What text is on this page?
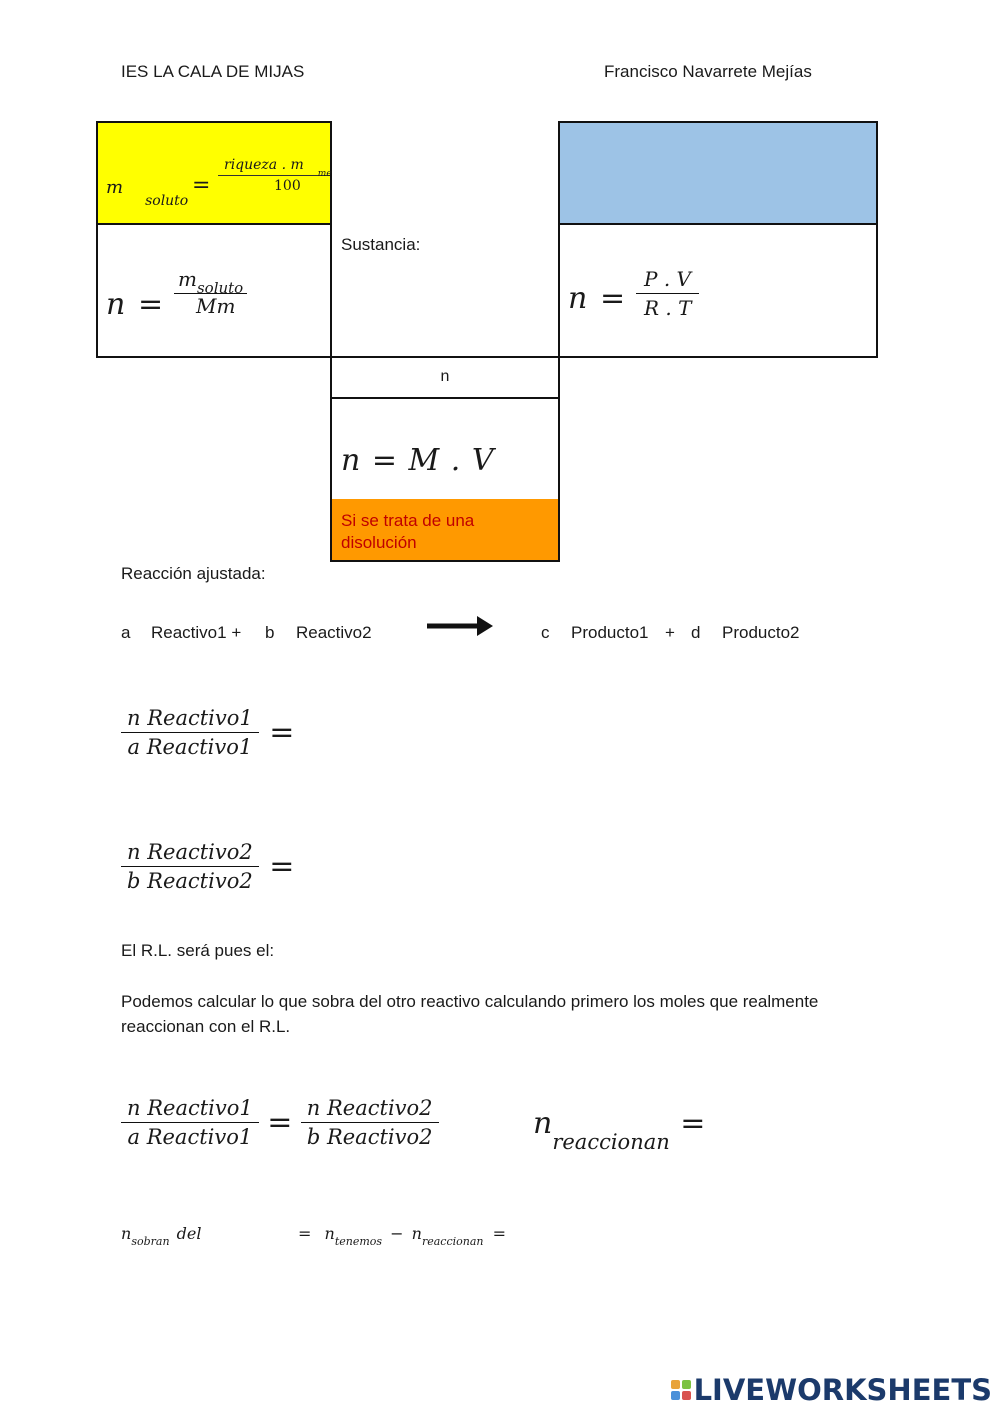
IES LA CALA DE MIJAS	Francisco Navarrete Mejías
$m_{soluto}$
=
riqueza . $m_{me}$
100
n =
$m_{soluto}$
Mm
Sustancia:
n =
P . V
R . T
n
n = M . V
Si se trata de una disolución
Reacción ajustada:
a Reactivo1 + b Reactivo2	c Producto1 + d Producto2
$\frac{\text{n Reactivo1}}{\text{a Reactivo1}}$ =
$\frac{\text{n Reactivo2}}{\text{b Reactivo2}}$ =
El R.L. será pues el:
Podemos calcular lo que sobra del otro reactivo calculando primero los moles que realmente reaccionan con el R.L.
$\frac{\text{n Reactivo1}}{\text{a Reactivo1}} = \frac{\text{n Reactivo2}}{\text{b Reactivo2}}$	nreaccionan =
$n_{sobran}$ del	= $n_{tenemos} - n_{reaccionan}$ =
LIVEWORKSHEETS
